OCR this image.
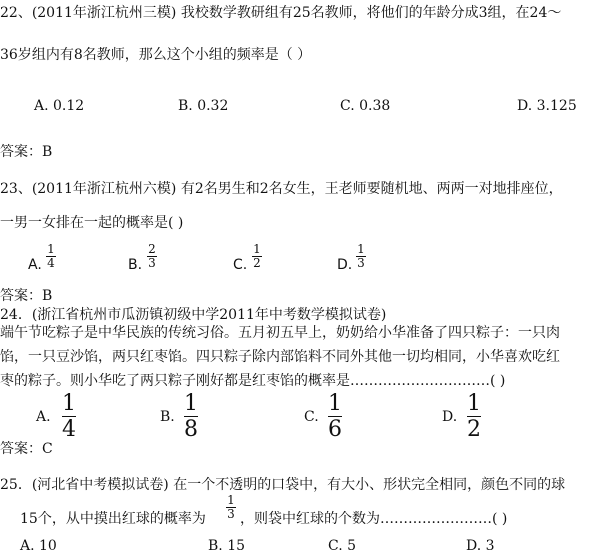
22、(2011年浙江杭州三模) 我校数学教研组有25名教师，将他们的年龄分成3组，在24～
36岁组内有8名教师，那么这个小组的频率是（ ）
A. 0.12	B. 0.32	C. 0.38	D. 3.125
答案：B
23、(2011年浙江杭州六模) 有2名男生和2名女生，王老师要随机地、两两一对地排座位，
一男一女排在一起的概率是( )
A.
1
4	B.
2
3	C.
1
2	D.
1
3
答案：B
24．(浙江省杭州市瓜沥镇初级中学2011年中考数学模拟试卷)
端午节吃粽子是中华民族的传统习俗。五月初五早上，奶奶给小华准备了四只粽子：一只肉
馅，一只豆沙馅，两只红枣馅。四只粽子除内部馅料不同外其他一切均相同，小华喜欢吃红
枣的粽子。则小华吃了两只粽子刚好都是红枣馅的概率是…………………………( )
A.
1
4	B.
1
8	C.
1
6	D.
1
2
答案：C
25．(河北省中考模拟试卷) 在一个不透明的口袋中，有大小、形状完全相同，颜色不同的球
15个，从中摸出红球的概率为
1
3 ，则袋中红球的个数为……………………( )
A. 10	B. 15	C. 5	D. 3
